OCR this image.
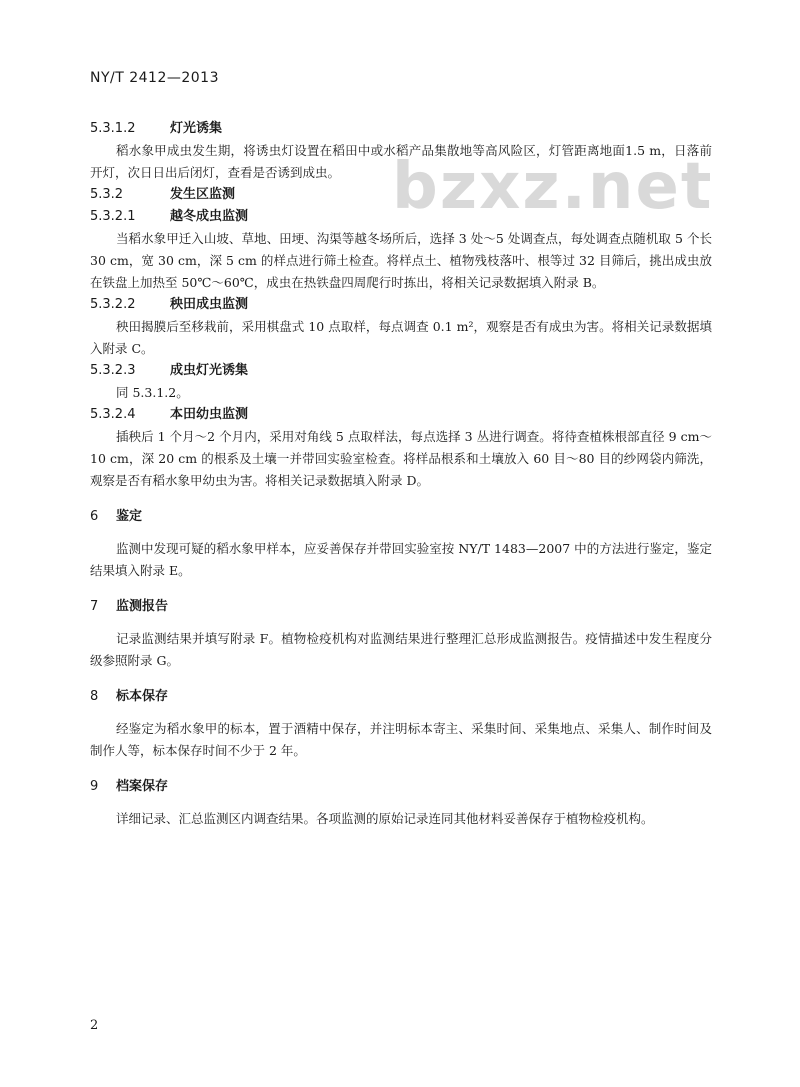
NY/T 2412—2013
bzxz.net

5.3.1.2	灯光诱集

稻水象甲成虫发生期，将诱虫灯设置在稻田中或水稻产品集散地等高风险区，灯管距离地面1.5 m，日落前开灯，次日日出后闭灯，查看是否诱到成虫。

5.3.2	发生区监测

5.3.2.1	越冬成虫监测

当稻水象甲迁入山坡、草地、田埂、沟渠等越冬场所后，选择 3 处～5 处调查点，每处调查点随机取 5 个长 30 cm，宽 30 cm，深 5 cm 的样点进行筛土检查。将样点土、植物残枝落叶、根等过 32 目筛后，挑出成虫放在铁盘上加热至 50℃～60℃，成虫在热铁盘四周爬行时拣出，将相关记录数据填入附录 B。

5.3.2.2	秧田成虫监测

秧田揭膜后至移栽前，采用棋盘式 10 点取样，每点调查 0.1 m²，观察是否有成虫为害。将相关记录数据填入附录 C。

5.3.2.3	成虫灯光诱集

同 5.3.1.2。

5.3.2.4	本田幼虫监测

插秧后 1 个月～2 个月内，采用对角线 5 点取样法，每点选择 3 丛进行调查。将待查植株根部直径 9 cm～10 cm，深 20 cm 的根系及土壤一并带回实验室检查。将样品根系和土壤放入 60 目～80 目的纱网袋内筛洗，观察是否有稻水象甲幼虫为害。将相关记录数据填入附录 D。

6 鉴定

监测中发现可疑的稻水象甲样本，应妥善保存并带回实验室按 NY/T 1483—2007 中的方法进行鉴定，鉴定结果填入附录 E。

7 监测报告

记录监测结果并填写附录 F。植物检疫机构对监测结果进行整理汇总形成监测报告。疫情描述中发生程度分级参照附录 G。

8 标本保存

经鉴定为稻水象甲的标本，置于酒精中保存，并注明标本寄主、采集时间、采集地点、采集人、制作时间及制作人等，标本保存时间不少于 2 年。

9 档案保存

详细记录、汇总监测区内调查结果。各项监测的原始记录连同其他材料妥善保存于植物检疫机构。

2
